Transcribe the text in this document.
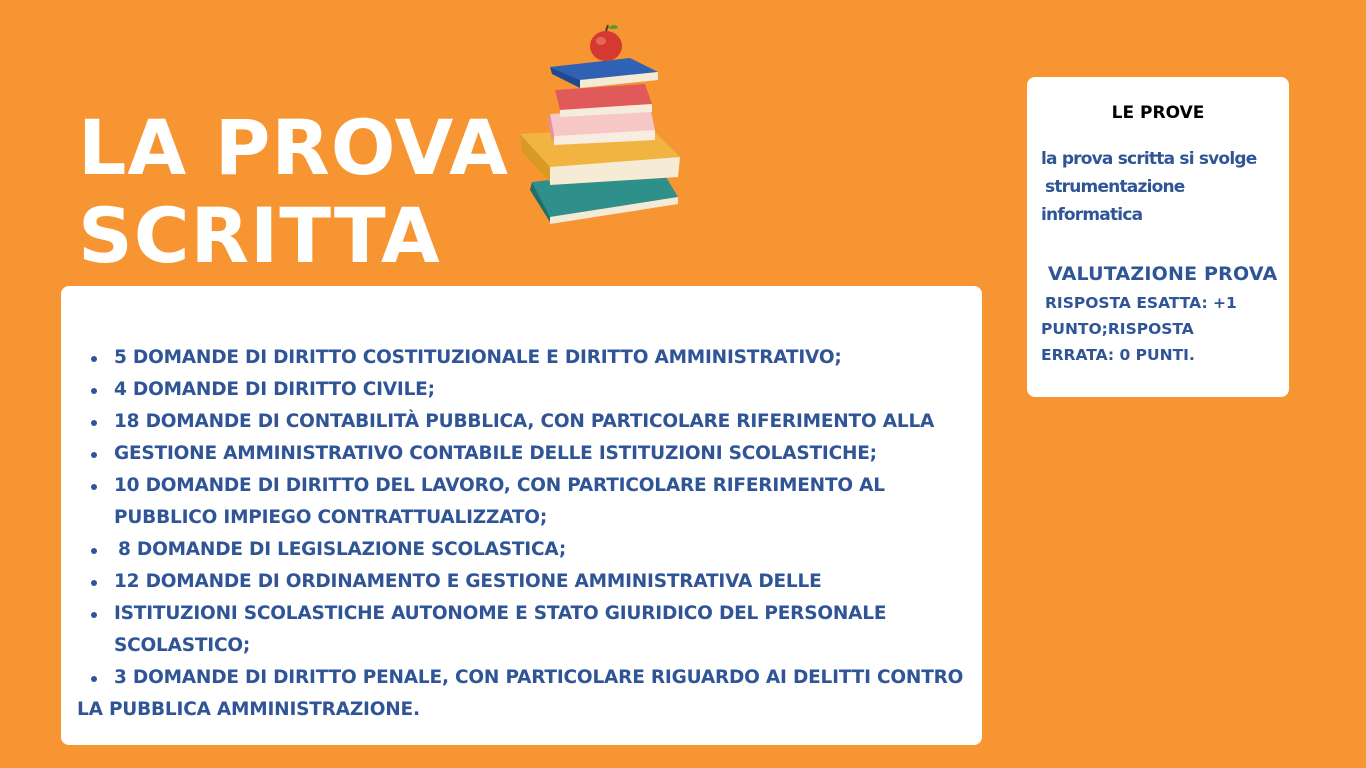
LA PROVA
SCRITTA
5 DOMANDE DI DIRITTO COSTITUZIONALE E DIRITTO AMMINISTRATIVO;
4 DOMANDE DI DIRITTO CIVILE;
18 DOMANDE DI CONTABILITÀ PUBBLICA, CON PARTICOLARE RIFERIMENTO ALLA
GESTIONE AMMINISTRATIVO CONTABILE DELLE ISTITUZIONI SCOLASTICHE;
10 DOMANDE DI DIRITTO DEL LAVORO, CON PARTICOLARE RIFERIMENTO AL
PUBBLICO IMPIEGO CONTRATTUALIZZATO;
8 DOMANDE DI LEGISLAZIONE SCOLASTICA;
12 DOMANDE DI ORDINAMENTO E GESTIONE AMMINISTRATIVA DELLE
ISTITUZIONI SCOLASTICHE AUTONOME E STATO GIURIDICO DEL PERSONALE
SCOLASTICO;
3 DOMANDE DI DIRITTO PENALE, CON PARTICOLARE RIGUARDO AI DELITTI CONTRO LA PUBBLICA AMMINISTRAZIONE.
LE PROVE
la prova scritta si svolge

strumentazione
informatica
VALUTAZIONE PROVA
RISPOSTA ESATTA: +1
PUNTO;RISPOSTA
ERRATA: 0 PUNTI.
